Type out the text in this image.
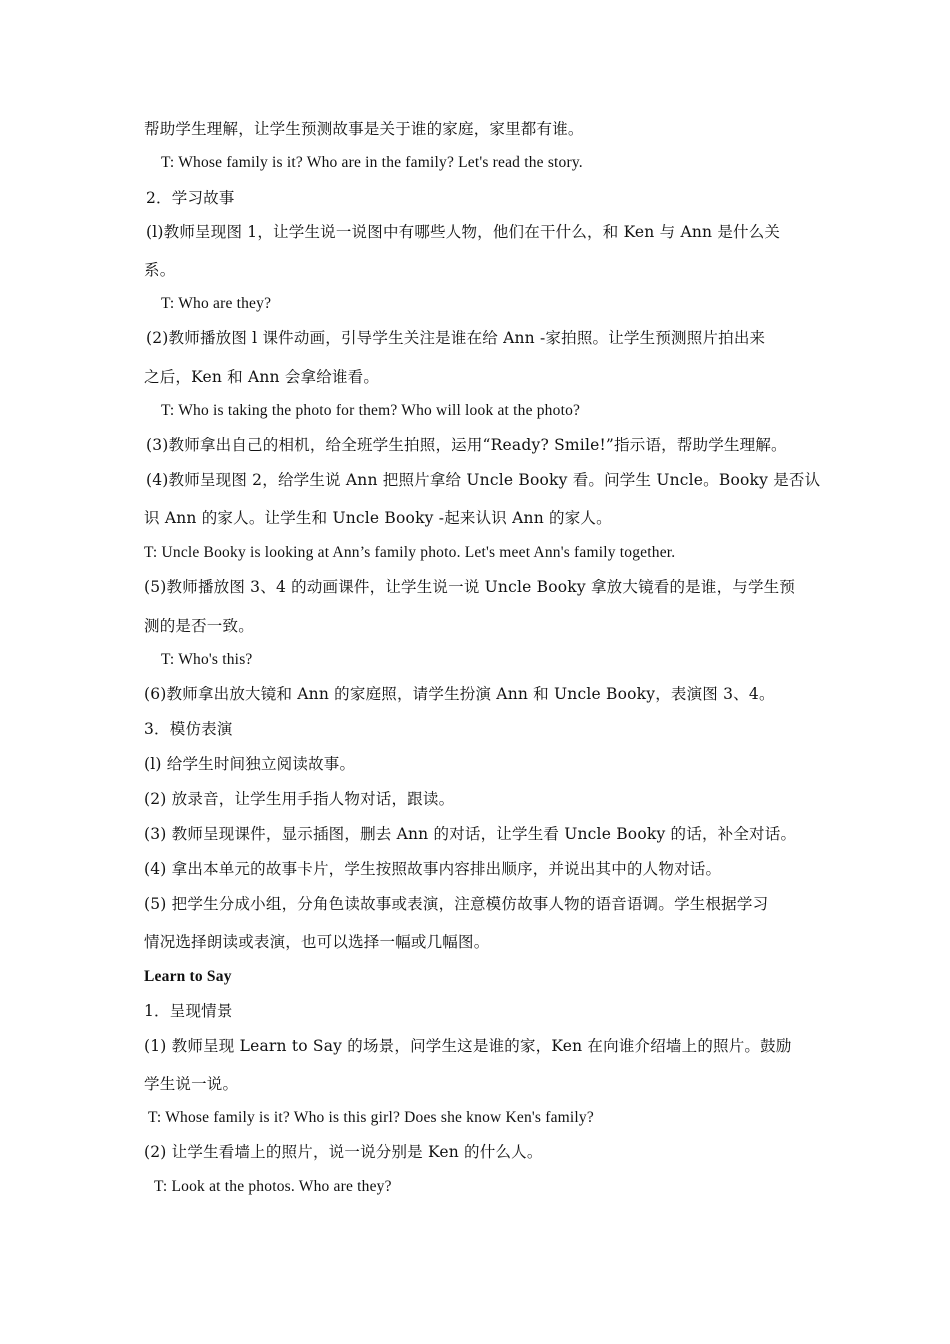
帮助学生理解，让学生预测故事是关于谁的家庭，家里都有谁。
T: Whose family is it? Who are in the family? Let's read the story.
2．学习故事
(l)教师呈现图 1，让学生说一说图中有哪些人物，他们在干什么，和 Ken 与 Ann 是什么关
系。
T: Who are they?
(2)教师播放图 l 课件动画，引导学生关注是谁在给 Ann -家拍照。让学生预测照片拍出来
之后，Ken 和 Ann 会拿给谁看。
T: Who is taking the photo for them? Who will look at the photo?
(3)教师拿出自己的相机，给全班学生拍照，运用“Ready? Smile!”指示语，帮助学生理解。
(4)教师呈现图 2，给学生说 Ann 把照片拿给 Uncle Booky 看。问学生 Uncle。Booky 是否认
识 Ann 的家人。让学生和 Uncle Booky -起来认识 Ann 的家人。
T: Uncle Booky is looking at Ann’s family photo. Let's meet Ann's family together.
(5)教师播放图 3、4 的动画课件，让学生说一说 Uncle Booky 拿放大镜看的是谁，与学生预
测的是否一致。
T: Who's this?
(6)教师拿出放大镜和 Ann 的家庭照，请学生扮演 Ann 和 Uncle Booky，表演图 3、4。
3．模仿表演
(l) 给学生时间独立阅读故事。
(2) 放录音，让学生用手指人物对话，跟读。
(3) 教师呈现课件，显示插图，删去 Ann 的对话，让学生看 Uncle Booky 的话，补全对话。
(4) 拿出本单元的故事卡片，学生按照故事内容排出顺序，并说出其中的人物对话。
(5) 把学生分成小组，分角色读故事或表演，注意模仿故事人物的语音语调。学生根据学习
情况选择朗读或表演，也可以选择一幅或几幅图。
Learn to Say
1．呈现情景
(1) 教师呈现 Learn to Say 的场景，问学生这是谁的家，Ken 在向谁介绍墙上的照片。鼓励
学生说一说。
T: Whose family is it? Who is this girl? Does she know Ken's family?
(2) 让学生看墙上的照片，说一说分别是 Ken 的什么人。
T: Look at the photos. Who are they?
